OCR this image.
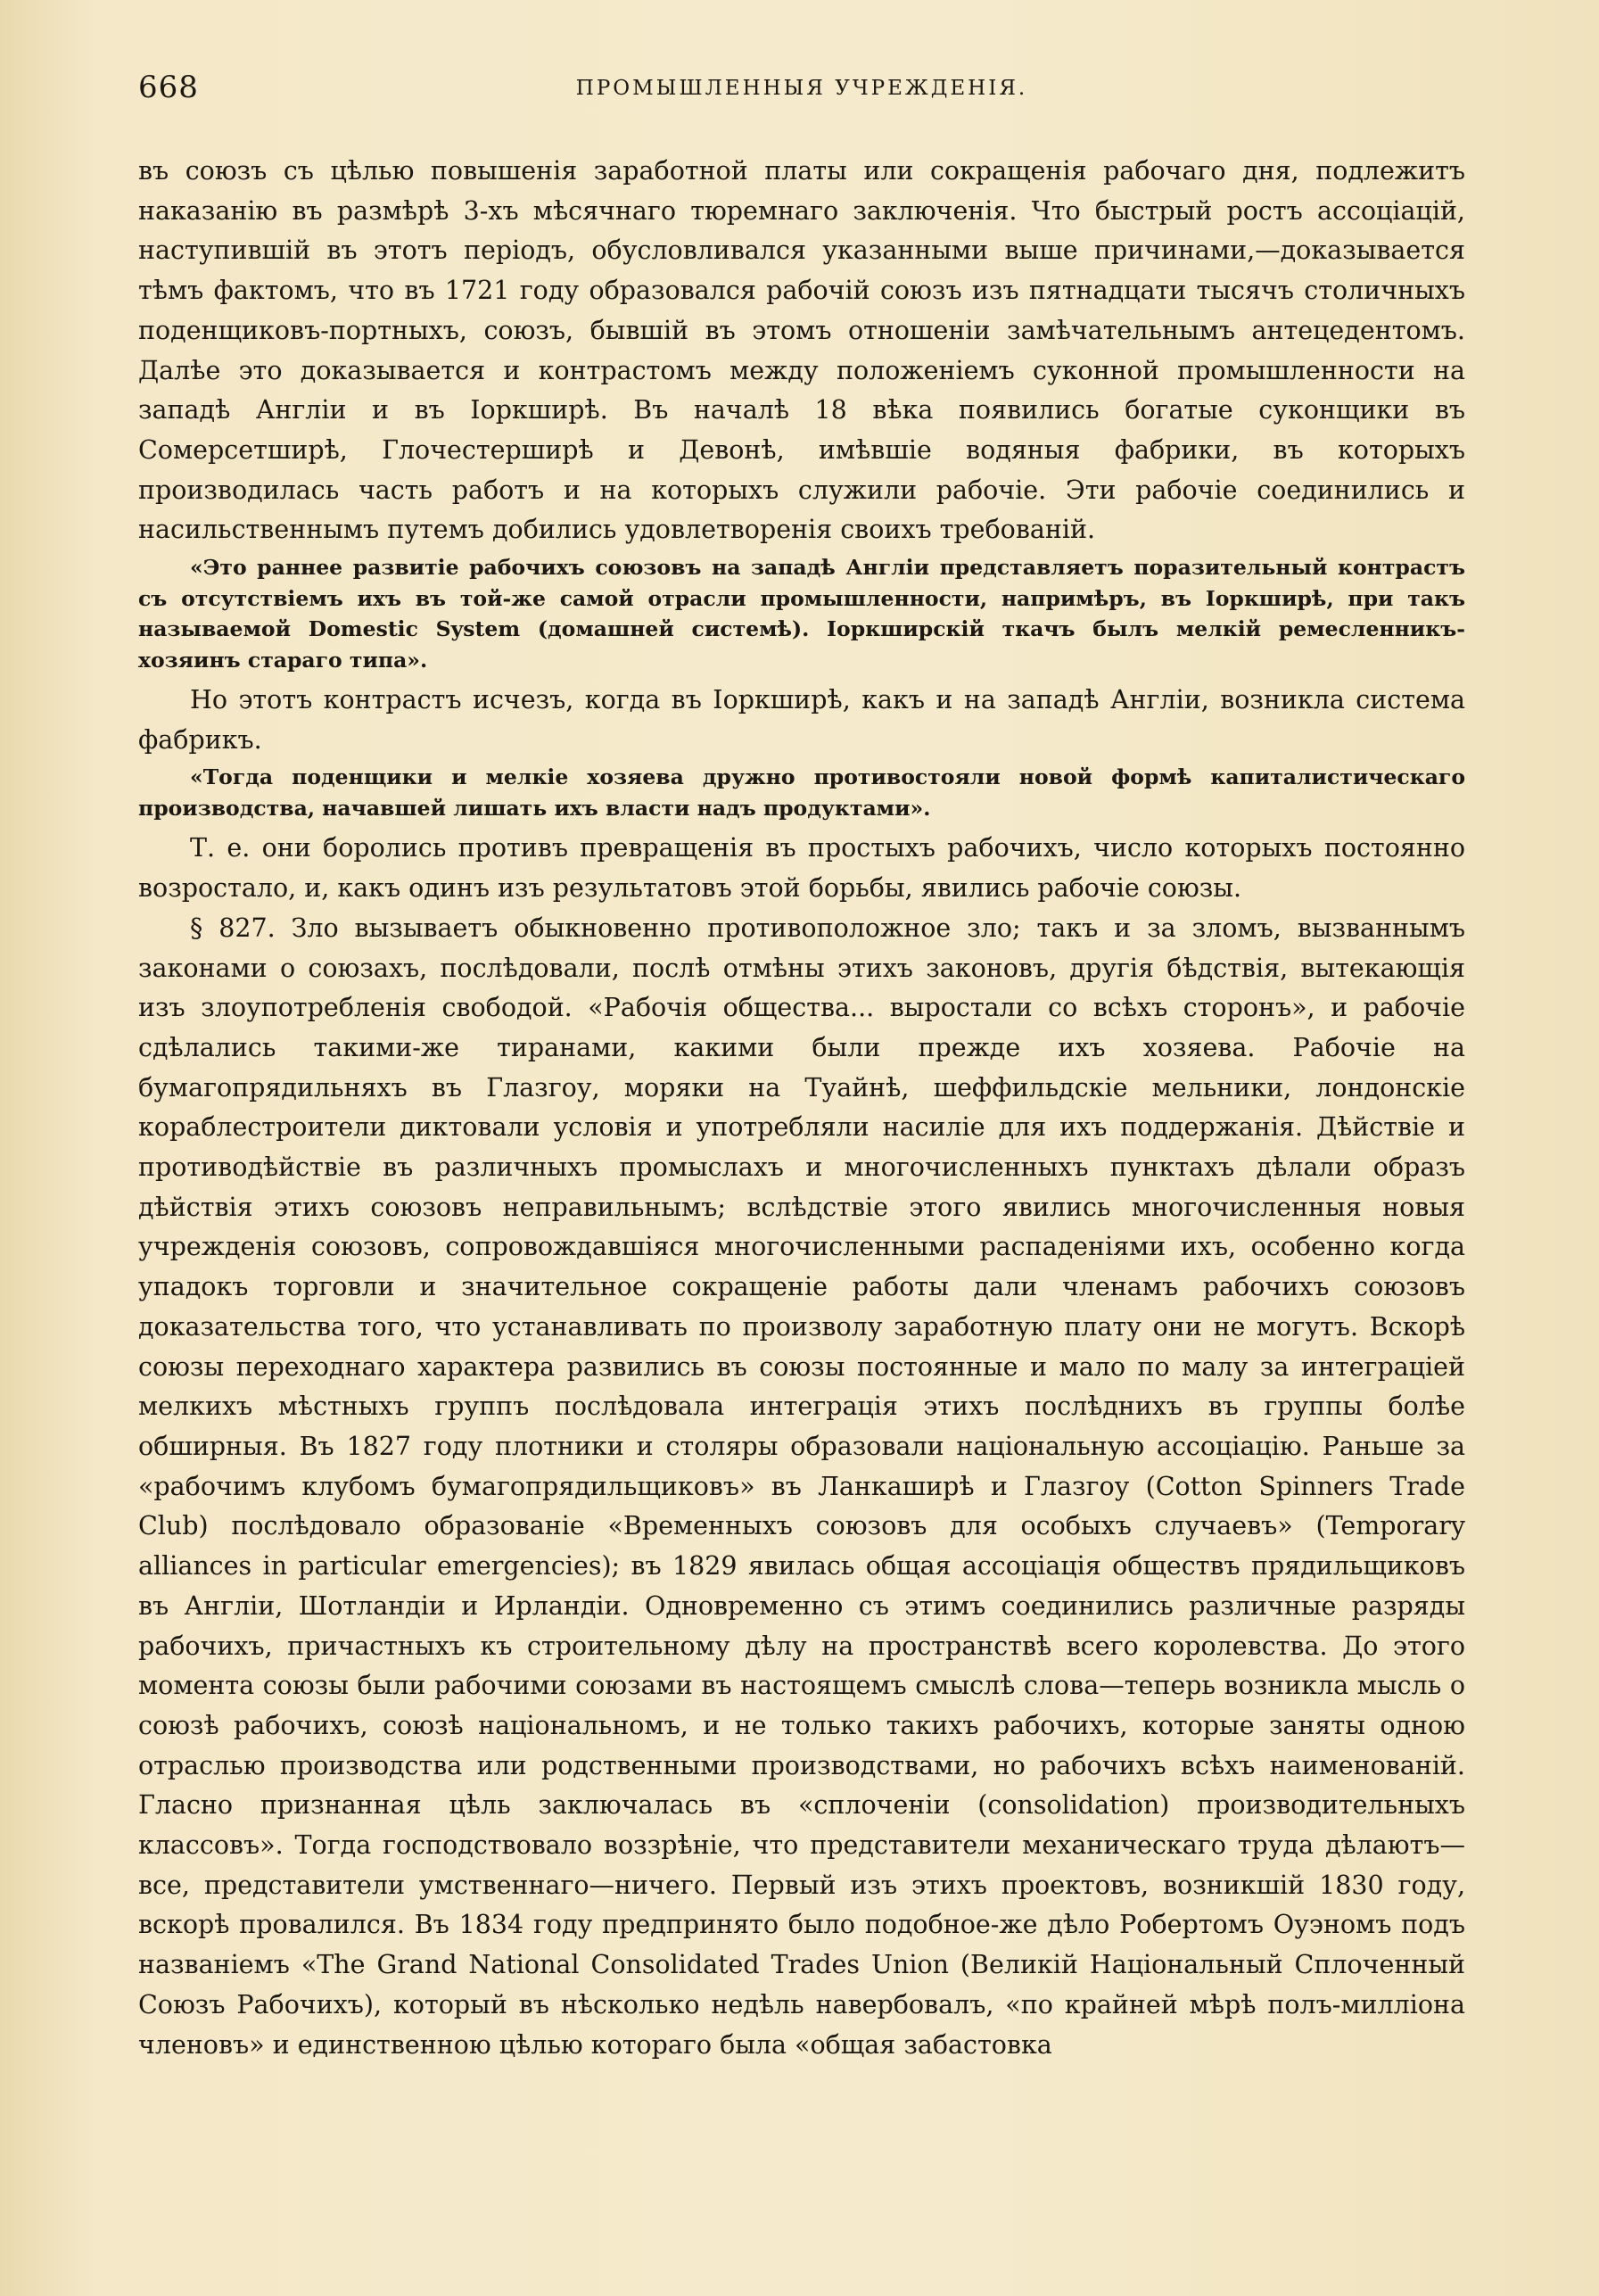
668	ПРОМЫШЛЕННЫЯ УЧРЕЖДЕНІЯ.

въ союзъ съ цѣлью повышенія заработной платы или сокращенія рабочаго дня, подлежитъ наказанію въ размѣрѣ 3-хъ мѣсячнаго тюремнаго заключенія. Что быстрый ростъ ассоціацій, наступившій въ этотъ періодъ, обусловливался указанными выше причинами,—доказывается тѣмъ фактомъ, что въ 1721 году образовался рабочій союзъ изъ пятнадцати тысячъ столичныхъ поденщиковъ-портныхъ, союзъ, бывшій въ этомъ отношеніи замѣчательнымъ антецедентомъ. Далѣе это доказывается и контрастомъ между положеніемъ суконной промышленности на западѣ Англіи и въ Іоркширѣ. Въ началѣ 18 вѣка появились богатые суконщики въ Сомерсетширѣ, Глочестерширѣ и Девонѣ, имѣвшіе водяныя фабрики, въ которыхъ производилась часть работъ и на которыхъ служили рабочіе. Эти рабочіе соединились и насильственнымъ путемъ добились удовлетворенія своихъ требованій.

«Это раннее развитіе рабочихъ союзовъ на западѣ Англіи представляетъ поразительный контрастъ съ отсутствіемъ ихъ въ той-же самой отрасли промышленности, напримѣръ, въ Іоркширѣ, при такъ называемой Domestic System (домашней системѣ). Іоркширскій ткачъ былъ мелкій ремесленникъ-хозяинъ стараго типа».

Но этотъ контрастъ исчезъ, когда въ Іоркширѣ, какъ и на западѣ Англіи, возникла система фабрикъ.

«Тогда поденщики и мелкіе хозяева дружно противостояли новой формѣ капиталистическаго производства, начавшей лишать ихъ власти надъ продуктами».

Т. е. они боролись противъ превращенія въ простыхъ рабочихъ, число которыхъ постоянно возростало, и, какъ одинъ изъ результатовъ этой борьбы, явились рабочіе союзы.

§ 827. Зло вызываетъ обыкновенно противоположное зло; такъ и за зломъ, вызваннымъ законами о союзахъ, послѣдовали, послѣ отмѣны этихъ законовъ, другія бѣдствія, вытекающія изъ злоупотребленія свободой. «Рабочія общества... выростали со всѣхъ сторонъ», и рабочіе сдѣлались такими-же тиранами, какими были прежде ихъ хозяева. Рабочіе на бумагопрядильняхъ въ Глазгоу, моряки на Туайнѣ, шеффильдскіе мельники, лондонскіе кораблестроители диктовали условія и употребляли насиліе для ихъ поддержанія. Дѣйствіе и противодѣйствіе въ различныхъ промыслахъ и многочисленныхъ пунктахъ дѣлали образъ дѣйствія этихъ союзовъ неправильнымъ; вслѣдствіе этого явились многочисленныя новыя учрежденія союзовъ, сопровождавшіяся многочисленными распаденіями ихъ, особенно когда упадокъ торговли и значительное сокращеніе работы дали членамъ рабочихъ союзовъ доказательства того, что устанавливать по произволу заработную плату они не могутъ. Вскорѣ союзы переходнаго характера развились въ союзы постоянные и мало по малу за интеграціей мелкихъ мѣстныхъ группъ послѣдовала интеграція этихъ послѣднихъ въ группы болѣе обширныя. Въ 1827 году плотники и столяры образовали національную ассоціацію. Раньше за «рабочимъ клубомъ бумагопрядильщиковъ» въ Ланкаширѣ и Глазгоу (Cotton Spinners Trade Club) послѣдовало образованіе «Временныхъ союзовъ для особыхъ случаевъ» (Temporary alliances in particular emergencies); въ 1829 явилась общая ассоціація обществъ прядильщиковъ въ Англіи, Шотландіи и Ирландіи. Одновременно съ этимъ соединились различные разряды рабочихъ, причастныхъ къ строительному дѣлу на пространствѣ всего королевства. До этого момента союзы были рабочими союзами въ настоящемъ смыслѣ слова—теперь возникла мысль о союзѣ рабочихъ, союзѣ національномъ, и не только такихъ рабочихъ, которые заняты одною отраслью производства или родственными производствами, но рабочихъ всѣхъ наименованій. Гласно признанная цѣль заключалась въ «сплоченіи (consolidation) производительныхъ классовъ». Тогда господствовало воззрѣніе, что представители механическаго труда дѣлаютъ—все, представители умственнаго—ничего. Первый изъ этихъ проектовъ, возникшій 1830 году, вскорѣ провалился. Въ 1834 году предпринято было подобное-же дѣло Робертомъ Оуэномъ подъ названіемъ «The Grand National Consolidated Trades Union (Великій Національный Сплоченный Союзъ Рабочихъ), который въ нѣсколько недѣль навербовалъ, «по крайней мѣрѣ полъ-милліона членовъ» и единственною цѣлью котораго была «общая забастовка
